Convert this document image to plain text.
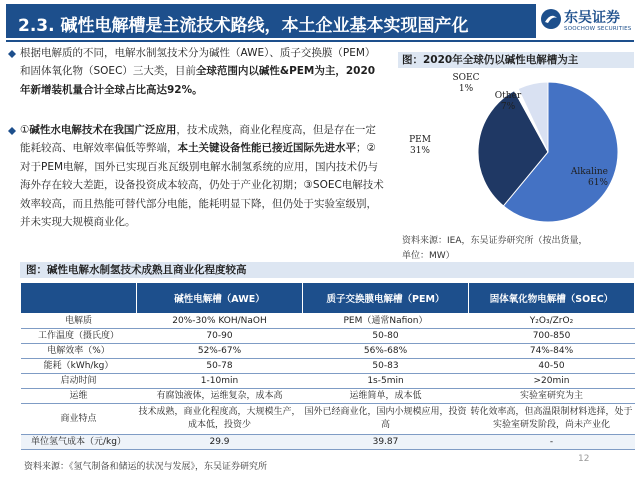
2.3. 碱性电解槽是主流技术路线，本土企业基本实现国产化	东吴证券
SOOCHOW SECURITIES
根据电解质的不同，电解水制氢技术分为碱性（AWE）、质子交换膜（PEM）和固体氧化物（SOEC）三大类，目前全球范围内以碱性&PEM为主，2020年新增装机量合计全球占比高达92%。
①碱性水电解技术在我国广泛应用，技术成熟，商业化程度高，但是存在一定能耗较高、电解效率偏低等弊端，本土关键设备性能已接近国际先进水平；②对于PEM电解，国外已实现百兆瓦级别电解水制氢系统的应用，国内技术仍与海外存在较大差距，设备投资成本较高，仍处于产业化初期；③SOEC电解技术效率较高，而且热能可替代部分电能，能耗明显下降，但仍处于实验室级别，并未实现大规模商业化。
图：2020年全球仍以碱性电解槽为主
Alkaline
61%
PEM
31%
SOEC
1%
Other
7%
资料来源：IEA，东吴证券研究所（按出货量，
单位：MW）
图：碱性电解水制氢技术成熟且商业化程度较高
	碱性电解槽（AWE）	质子交换膜电解槽（PEM）	固体氧化物电解槽（SOEC）
电解质	20%-30% KOH/NaOH	PEM（通常Nafion）	Y₂O₃/ZrO₂
工作温度（摄氏度）	70-90	50-80	700-850
电解效率（%）	52%-67%	56%-68%	74%-84%
能耗（kWh/kg）	50-78	50-83	40-50
启动时间	1-10min	1s-5min	>20min
运维	有腐蚀液体，运维复杂，成本高	运维简单，成本低	实验室研究为主
商业特点	技术成熟，商业化程度高，大规模生产，成本低，投资少	国外已经商业化，国内小规模应用，投资高	转化效率高，但高温限制材料选择，处于实验室研发阶段，尚未产业化
单位氢气成本（元/kg）	29.9	39.87	-
资料来源：《氢气制备和储运的状况与发展》，东吴证券研究所
12
